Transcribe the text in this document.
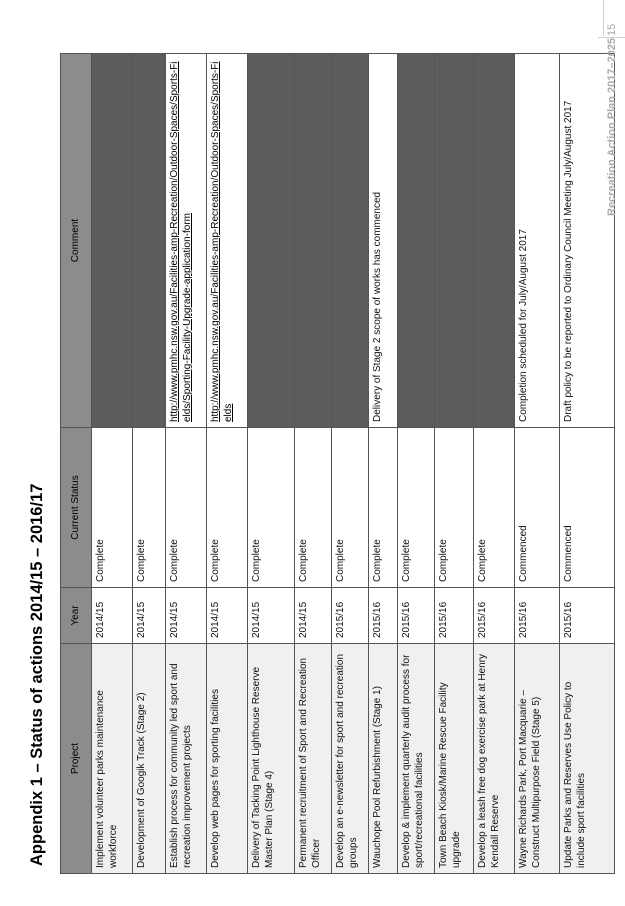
Appendix 1 – Status of actions 2014/15 – 2016/17 Project	Year	Current Status	Comment
Implement volunteer parks maintenance workforce	2014/15	Complete	
Development of Googik Track (Stage 2)	2014/15	Complete	
Establish process for community led sport and recreation improvement projects	2014/15	Complete	http://www.pmhc.nsw.gov.au/Facilities-amp-Recreation/Outdoor-Spaces/Sports-Fields/Sporting-Facility-Upgrade-application-form
Develop web pages for sporting facilities	2014/15	Complete	http://www.pmhc.nsw.gov.au/Facilities-amp-Recreation/Outdoor-Spaces/Sports-Fields
Delivery of Tacking Point Lighthouse Reserve Master Plan (Stage 4)	2014/15	Complete	
Permanent recruitment of Sport and Recreation Officer	2014/15	Complete	
Develop an e-newsletter for sport and recreation groups	2015/16	Complete	
Wauchope Pool Refurbishment (Stage 1)	2015/16	Complete	Delivery of Stage 2 scope of works has commenced
Develop & implement quarterly audit process for sport/recreational facilities	2015/16	Complete	
Town Beach Kiosk/Marine Rescue Facility upgrade	2015/16	Complete	
Develop a leash free dog exercise park at Henry Kendall Reserve	2015/16	Complete	
Wayne Richards Park, Port Macquarie – Construct Multipurpose Field (Stage 5)	2015/16	Commenced	Completion scheduled for July/August 2017
Update Parks and Reserves Use Policy to include sport facilities	2015/16	Commenced	Draft policy to be reported to Ordinary Council Meeting July/August 2017	Recreation Action Plan 2017–2025
15
